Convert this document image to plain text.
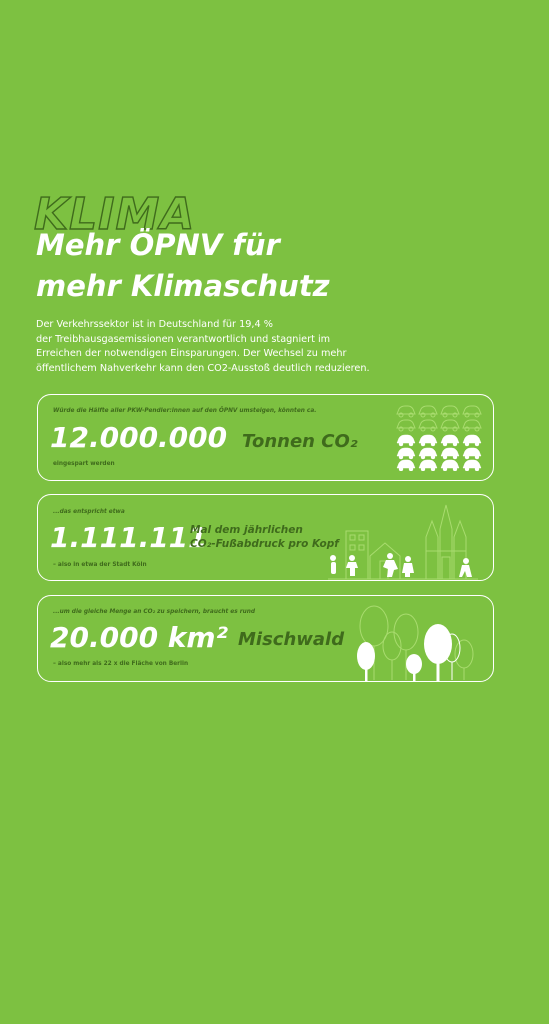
KLIMA
Mehr ÖPNV für
mehr Klimaschutz
Der Verkehrssektor ist in Deutschland für 19,4 %
der Treibhausgasemissionen verantwortlich und stagniert im
Erreichen der notwendigen Einsparungen. Der Wechsel zu mehr
öffentlichem Nahverkehr kann den CO2-Ausstoß deutlich reduzieren.
Würde die Hälfte aller PKW-Pendler:innen auf den ÖPNV umsteigen, könnten ca.
12.000.000 Tonnen CO₂
eingespart werden
...das entspricht etwa
1.111.111
Mal dem jährlichen
CO₂-Fußabdruck pro Kopf
– also in etwa der Stadt Köln
...um die gleiche Menge an CO₂ zu speichern, braucht es rund
20.000 km² Mischwald
– also mehr als 22 x die Fläche von Berlin
